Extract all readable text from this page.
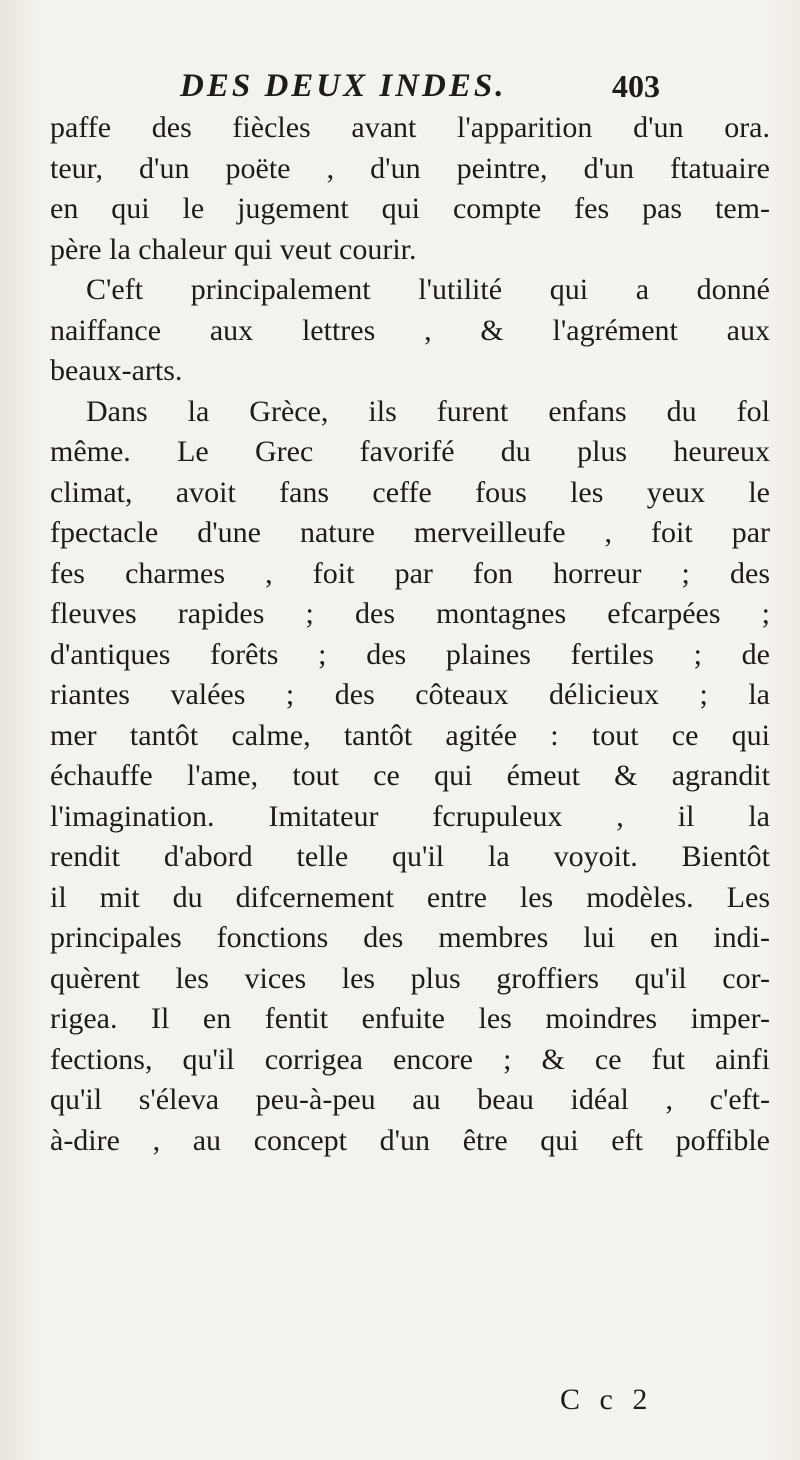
DES DEUX INDES.	403
paffe des fiècles avant l'apparition d'un ora.
teur, d'un poëte , d'un peintre, d'un ftatuaire
en qui le jugement qui compte fes pas tem-
père la chaleur qui veut courir.
C'eft principalement l'utilité qui a donné
naiffance aux lettres , & l'agrément aux
beaux-arts.
Dans la Grèce, ils furent enfans du fol
même. Le Grec favorifé du plus heureux
climat, avoit fans ceffe fous les yeux le
fpectacle d'une nature merveilleufe , foit par
fes charmes , foit par fon horreur ; des
fleuves rapides ; des montagnes efcarpées ;
d'antiques forêts ; des plaines fertiles ; de
riantes valées ; des côteaux délicieux ; la
mer tantôt calme, tantôt agitée : tout ce qui
échauffe l'ame, tout ce qui émeut & agrandit
l'imagination. Imitateur fcrupuleux , il la
rendit d'abord telle qu'il la voyoit. Bientôt
il mit du difcernement entre les modèles. Les
principales fonctions des membres lui en indi-
quèrent les vices les plus groffiers qu'il cor-
rigea. Il en fentit enfuite les moindres imper-
fections, qu'il corrigea encore ; & ce fut ainfi
qu'il s'éleva peu-à-peu au beau idéal , c'eft-
à-dire , au concept d'un être qui eft poffible
C c 2
